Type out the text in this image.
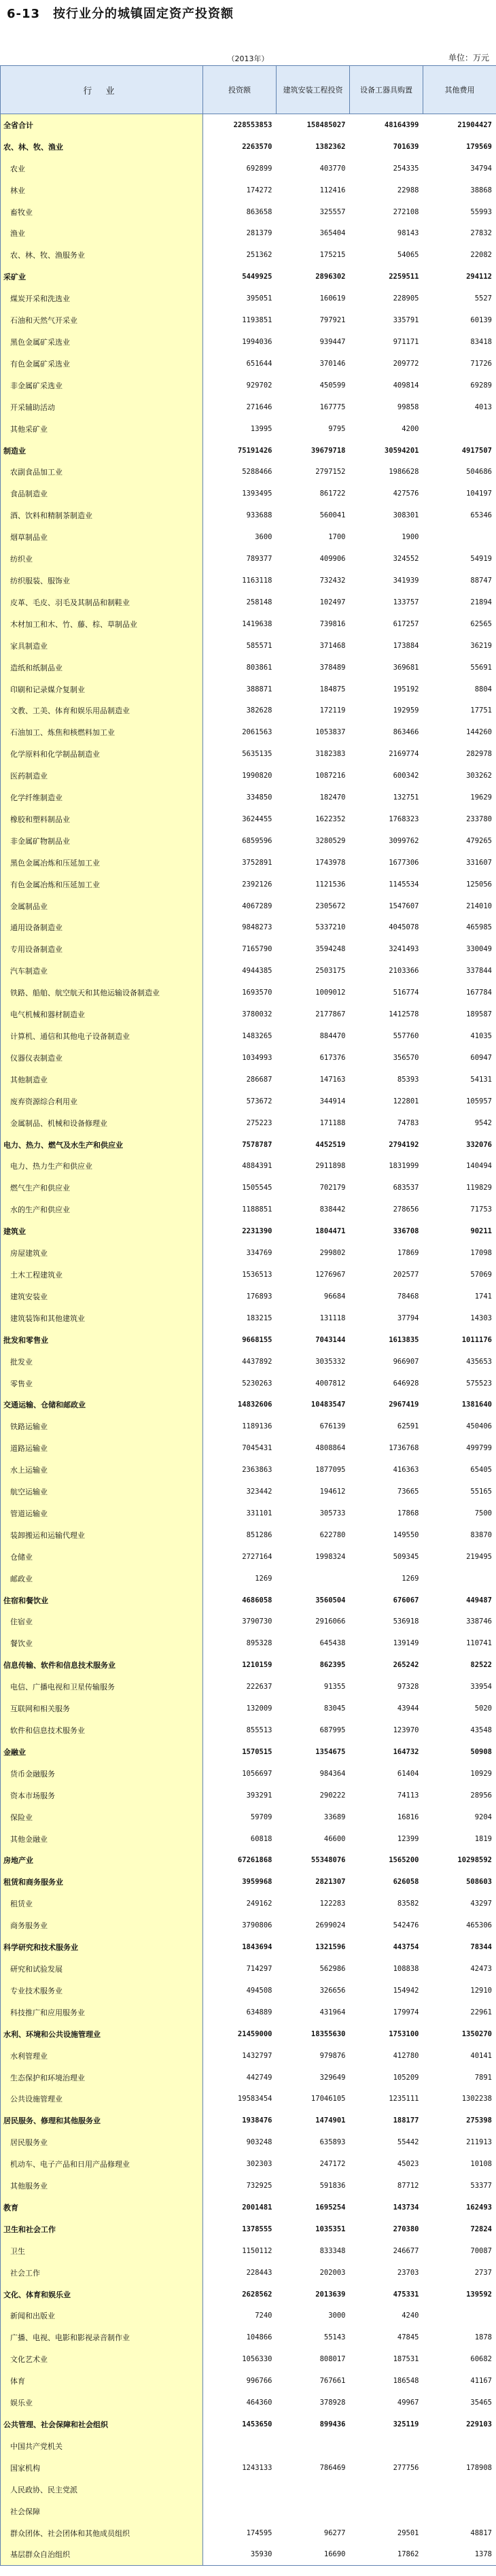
6-13　按行业分的城镇固定资产投资额
（2013年）	单位：万元
行 业	投资额	建筑安装工程投资	设备工器具购置	其他费用

全省合计	228553853	158485027	48164399	21904427
农、林、牧、渔业	2263570	1382362	701639	179569
农业	692899	403770	254335	34794
林业	174272	112416	22988	38868
畜牧业	863658	325557	272108	55993
渔业	281379	365404	98143	27832
农、林、牧、渔服务业	251362	175215	54065	22082
采矿业	5449925	2896302	2259511	294112
煤炭开采和洗选业	395051	160619	228905	5527
石油和天然气开采业	1193851	797921	335791	60139
黑色金属矿采选业	1994036	939447	971171	83418
有色金属矿采选业	651644	370146	209772	71726
非金属矿采选业	929702	450599	409814	69289
开采辅助活动	271646	167775	99858	4013
其他采矿业	13995	9795	4200	
制造业	75191426	39679718	30594201	4917507
农副食品加工业	5288466	2797152	1986628	504686
食品制造业	1393495	861722	427576	104197
酒、饮料和精制茶制造业	933688	560041	308301	65346
烟草制品业	3600	1700	1900	
纺织业	789377	409906	324552	54919
纺织服装、服饰业	1163118	732432	341939	88747
皮革、毛皮、羽毛及其制品和制鞋业	258148	102497	133757	21894
木材加工和木、竹、藤、棕、草制品业	1419638	739816	617257	62565
家具制造业	585571	371468	173884	36219
造纸和纸制品业	803861	378489	369681	55691
印刷和记录媒介复制业	388871	184875	195192	8804
文教、工美、体育和娱乐用品制造业	382628	172119	192959	17751
石油加工、炼焦和核燃料加工业	2061563	1053837	863466	144260
化学原料和化学制品制造业	5635135	3182383	2169774	282978
医药制造业	1990820	1087216	600342	303262
化学纤维制造业	334850	182470	132751	19629
橡胶和塑料制品业	3624455	1622352	1768323	233780
非金属矿物制品业	6859596	3280529	3099762	479265
黑色金属冶炼和压延加工业	3752891	1743978	1677306	331607
有色金属冶炼和压延加工业	2392126	1121536	1145534	125056
金属制品业	4067289	2305672	1547607	214010
通用设备制造业	9848273	5337210	4045078	465985
专用设备制造业	7165790	3594248	3241493	330049
汽车制造业	4944385	2503175	2103366	337844
铁路、船舶、航空航天和其他运输设备制造业	1693570	1009012	516774	167784
电气机械和器材制造业	3780032	2177867	1412578	189587
计算机、通信和其他电子设备制造业	1483265	884470	557760	41035
仪器仪表制造业	1034993	617376	356570	60947
其他制造业	286687	147163	85393	54131
废弃资源综合利用业	573672	344914	122801	105957
金属制品、机械和设备修理业	275223	171188	74783	9542
电力、热力、燃气及水生产和供应业	7578787	4452519	2794192	332076
电力、热力生产和供应业	4884391	2911898	1831999	140494
燃气生产和供应业	1505545	702179	683537	119829
水的生产和供应业	1188851	838442	278656	71753
建筑业	2231390	1804471	336708	90211
房屋建筑业	334769	299802	17869	17098
土木工程建筑业	1536513	1276967	202577	57069
建筑安装业	176893	96684	78468	1741
建筑装饰和其他建筑业	183215	131118	37794	14303
批发和零售业	9668155	7043144	1613835	1011176
批发业	4437892	3035332	966907	435653
零售业	5230263	4007812	646928	575523
交通运输、仓储和邮政业	14832606	10483547	2967419	1381640
铁路运输业	1189136	676139	62591	450406
道路运输业	7045431	4808864	1736768	499799
水上运输业	2363863	1877095	416363	65405
航空运输业	323442	194612	73665	55165
管道运输业	331101	305733	17868	7500
装卸搬运和运输代理业	851286	622780	149550	83870
仓储业	2727164	1998324	509345	219495
邮政业	1269		1269	
住宿和餐饮业	4686058	3560504	676067	449487
住宿业	3790730	2916066	536918	338746
餐饮业	895328	645438	139149	110741
信息传输、软件和信息技术服务业	1210159	862395	265242	82522
电信、广播电视和卫星传输服务	222637	91355	97328	33954
互联网和相关服务	132009	83045	43944	5020
软件和信息技术服务业	855513	687995	123970	43548
金融业	1570515	1354675	164732	50908
货币金融服务	1056697	984364	61404	10929
资本市场服务	393291	290222	74113	28956
保险业	59709	33689	16816	9204
其他金融业	60818	46600	12399	1819
房地产业	67261868	55348076	1565200	10298592
租赁和商务服务业	3959968	2821307	626058	508603
租赁业	249162	122283	83582	43297
商务服务业	3790806	2699024	542476	465306
科学研究和技术服务业	1843694	1321596	443754	78344
研究和试验发展	714297	562986	108838	42473
专业技术服务业	494508	326656	154942	12910
科技推广和应用服务业	634889	431964	179974	22961
水利、环境和公共设施管理业	21459000	18355630	1753100	1350270
水利管理业	1432797	979876	412780	40141
生态保护和环境治理业	442749	329649	105209	7891
公共设施管理业	19583454	17046105	1235111	1302238
居民服务、修理和其他服务业	1938476	1474901	188177	275398
居民服务业	903248	635893	55442	211913
机动车、电子产品和日用产品修理业	302303	247172	45023	10108
其他服务业	732925	591836	87712	53377
教育	2001481	1695254	143734	162493
卫生和社会工作	1378555	1035351	270380	72824
卫生	1150112	833348	246677	70087
社会工作	228443	202003	23703	2737
文化、体育和娱乐业	2628562	2013639	475331	139592
新闻和出版业	7240	3000	4240	
广播、电视、电影和影视录音制作业	104866	55143	47845	1878
文化艺术业	1056330	808017	187531	60682
体育	996766	767661	186548	41167
娱乐业	464360	378928	49967	35465
公共管理、社会保障和社会组织	1453650	899436	325119	229103
中国共产党机关				
国家机构	1243133	786469	277756	178908
人民政协、民主党派				
社会保障				
群众团体、社会团体和其他成员组织	174595	96277	29501	48817
基层群众自治组织	35930	16690	17862	1378
